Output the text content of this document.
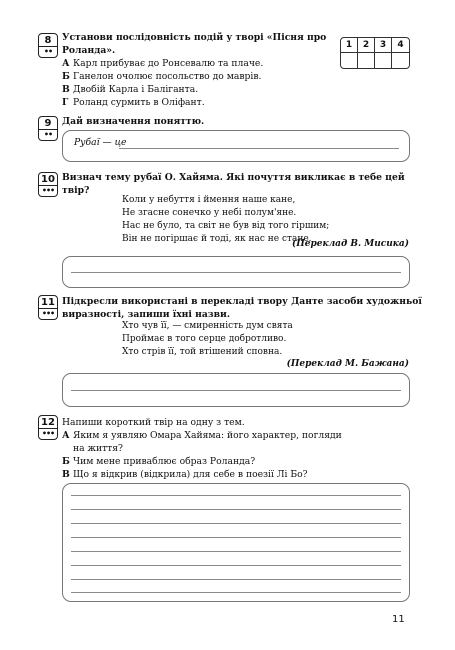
8
••
Установи послідовність подій у творі «Пісня про
Роланда».
А Карл прибуває до Ронсевалю та плаче.
Б Ганелон очолює посольство до маврів.
В Двобій Карла і Баліганта.
Г Роланд сурмить в Оліфант.
1	2	3	4
9
••
Дай визначення поняттю.
Рубаї — це
10
•••
Визнач тему рубаї О. Хайяма. Які почуття викликає в тебе цей
твір?
Коли у небуття і ймення наше кане,
Не згасне сонечко у небі полум'яне.
Нас не було, та світ не був від того гіршим;
Він не погіршає й тоді, як нас не стане.
(Переклад В. Мисика)
11
•••
Підкресли використані в перекладі твору Данте засоби художньої
виразності, запиши їхні назви.
Хто чув її, — смиренність дум свята
Проймає в того серце добротливо.
Хто стрів її, той втішений сповна.
(Переклад М. Бажана)
12
•••
Напиши короткий твір на одну з тем.
А Яким я уявляю Омара Хайяма: його характер, погляди
на життя?
Б Чим мене приваблює образ Роланда?
В Що я відкрив (відкрила) для себе в поезії Лі Бо?
11
